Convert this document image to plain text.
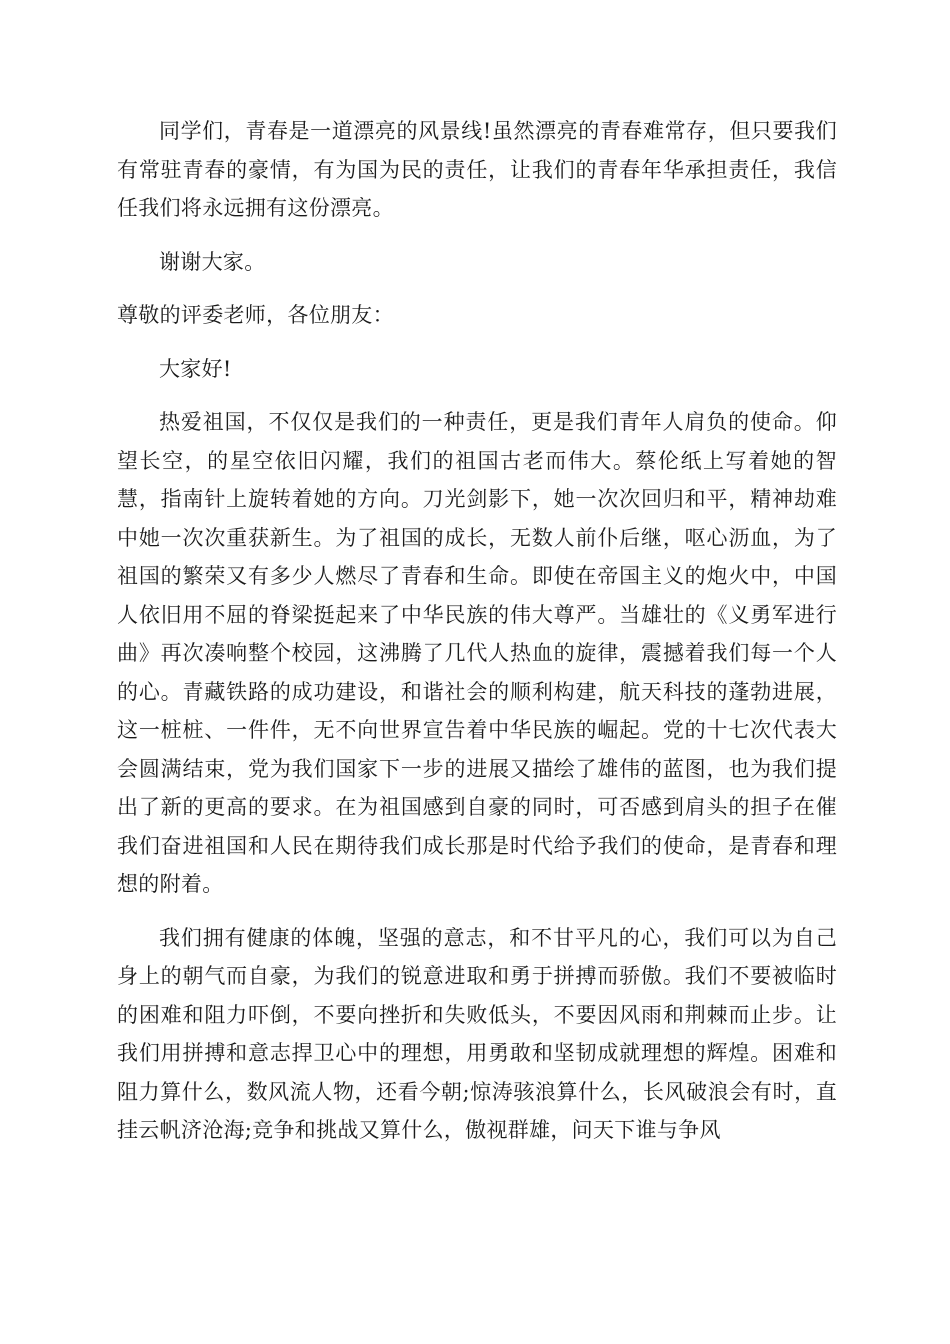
同学们，青春是一道漂亮的风景线!虽然漂亮的青春难常存，但只要我们有常驻青春的豪情，有为国为民的责任，让我们的青春年华承担责任，我信任我们将永远拥有这份漂亮。

谢谢大家。

尊敬的评委老师，各位朋友：

大家好!

热爱祖国，不仅仅是我们的一种责任，更是我们青年人肩负的使命。仰望长空，的星空依旧闪耀，我们的祖国古老而伟大。蔡伦纸上写着她的智慧，指南针上旋转着她的方向。刀光剑影下，她一次次回归和平，精神劫难中她一次次重获新生。为了祖国的成长，无数人前仆后继，呕心沥血，为了祖国的繁荣又有多少人燃尽了青春和生命。即使在帝国主义的炮火中，中国人依旧用不屈的脊梁挺起来了中华民族的伟大尊严。当雄壮的《义勇军进行曲》再次凑响整个校园，这沸腾了几代人热血的旋律，震撼着我们每一个人的心。青藏铁路的成功建设，和谐社会的顺利构建，航天科技的蓬勃进展，这一桩桩、一件件，无不向世界宣告着中华民族的崛起。党的十七次代表大会圆满结束，党为我们国家下一步的进展又描绘了雄伟的蓝图，也为我们提出了新的更高的要求。在为祖国感到自豪的同时，可否感到肩头的担子在催我们奋进祖国和人民在期待我们成长那是时代给予我们的使命，是青春和理想的附着。

我们拥有健康的体魄，坚强的意志，和不甘平凡的心，我们可以为自己身上的朝气而自豪，为我们的锐意进取和勇于拼搏而骄傲。我们不要被临时的困难和阻力吓倒，不要向挫折和失败低头，不要因风雨和荆棘而止步。让我们用拼搏和意志捍卫心中的理想，用勇敢和坚韧成就理想的辉煌。困难和阻力算什么，数风流人物，还看今朝;惊涛骇浪算什么，长风破浪会有时，直挂云帆济沧海;竞争和挑战又算什么，傲视群雄，问天下谁与争风
